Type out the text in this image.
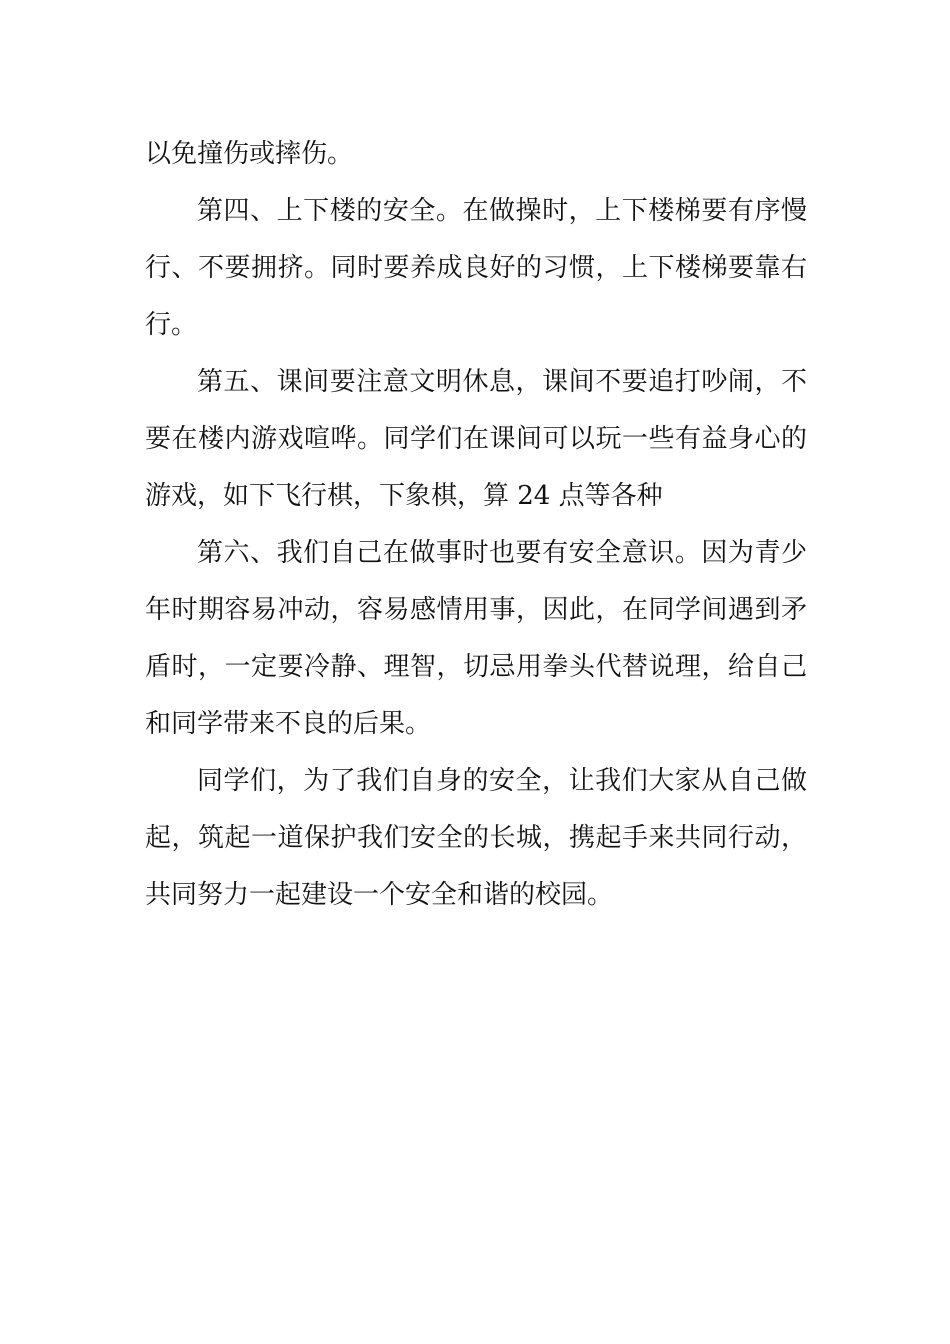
以免撞伤或摔伤。

第四、上下楼的安全。在做操时，上下楼梯要有序慢行、不要拥挤。同时要养成良好的习惯，上下楼梯要靠右行。

第五、课间要注意文明休息，课间不要追打吵闹，不要在楼内游戏喧哗。同学们在课间可以玩一些有益身心的游戏，如下飞行棋，下象棋，算 24 点等各种

第六、我们自己在做事时也要有安全意识。因为青少年时期容易冲动，容易感情用事，因此，在同学间遇到矛盾时，一定要冷静、理智，切忌用拳头代替说理，给自己和同学带来不良的后果。

同学们，为了我们自身的安全，让我们大家从自己做起，筑起一道保护我们安全的长城，携起手来共同行动，共同努力一起建设一个安全和谐的校园。
